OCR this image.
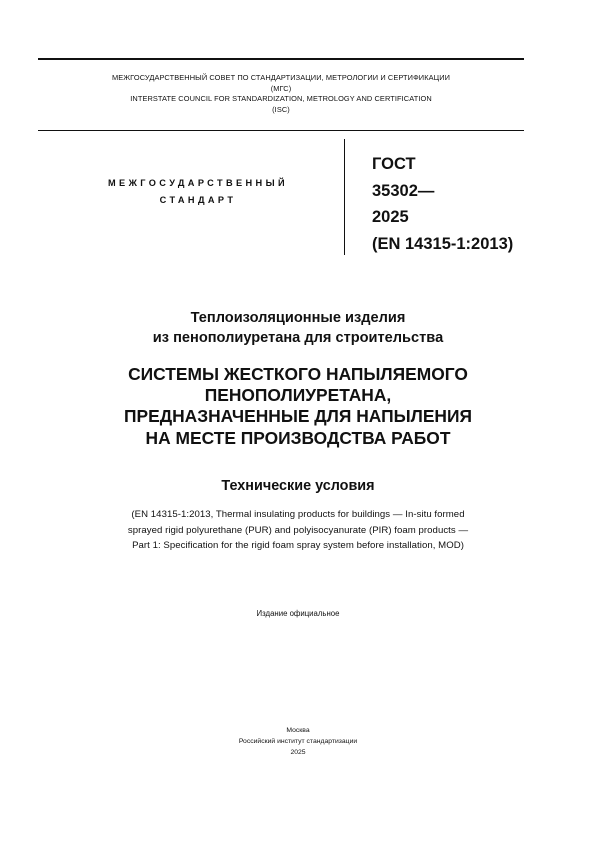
МЕЖГОСУДАРСТВЕННЫЙ СОВЕТ ПО СТАНДАРТИЗАЦИИ, МЕТРОЛОГИИ И СЕРТИФИКАЦИИ
(МГС)
INTERSTATE COUNCIL FOR STANDARDIZATION, METROLOGY AND CERTIFICATION
(ISC)
МЕЖГОСУДАРСТВЕННЫЙ
СТАНДАРТ
ГОСТ
35302—
2025
(EN 14315-1:2013)
Теплоизоляционные изделия
из пенополиуретана для строительства
СИСТЕМЫ ЖЕСТКОГО НАПЫЛЯЕМОГО
ПЕНОПОЛИУРЕТАНА,
ПРЕДНАЗНАЧЕННЫЕ ДЛЯ НАПЫЛЕНИЯ
НА МЕСТЕ ПРОИЗВОДСТВА РАБОТ
Технические условия
(EN 14315-1:2013, Thermal insulating products for buildings — In-situ formed
sprayed rigid polyurethane (PUR) and polyisocyanurate (PIR) foam products —
Part 1: Specification for the rigid foam spray system before installation, MOD)
Издание официальное
Москва
Российский институт стандартизации
2025
